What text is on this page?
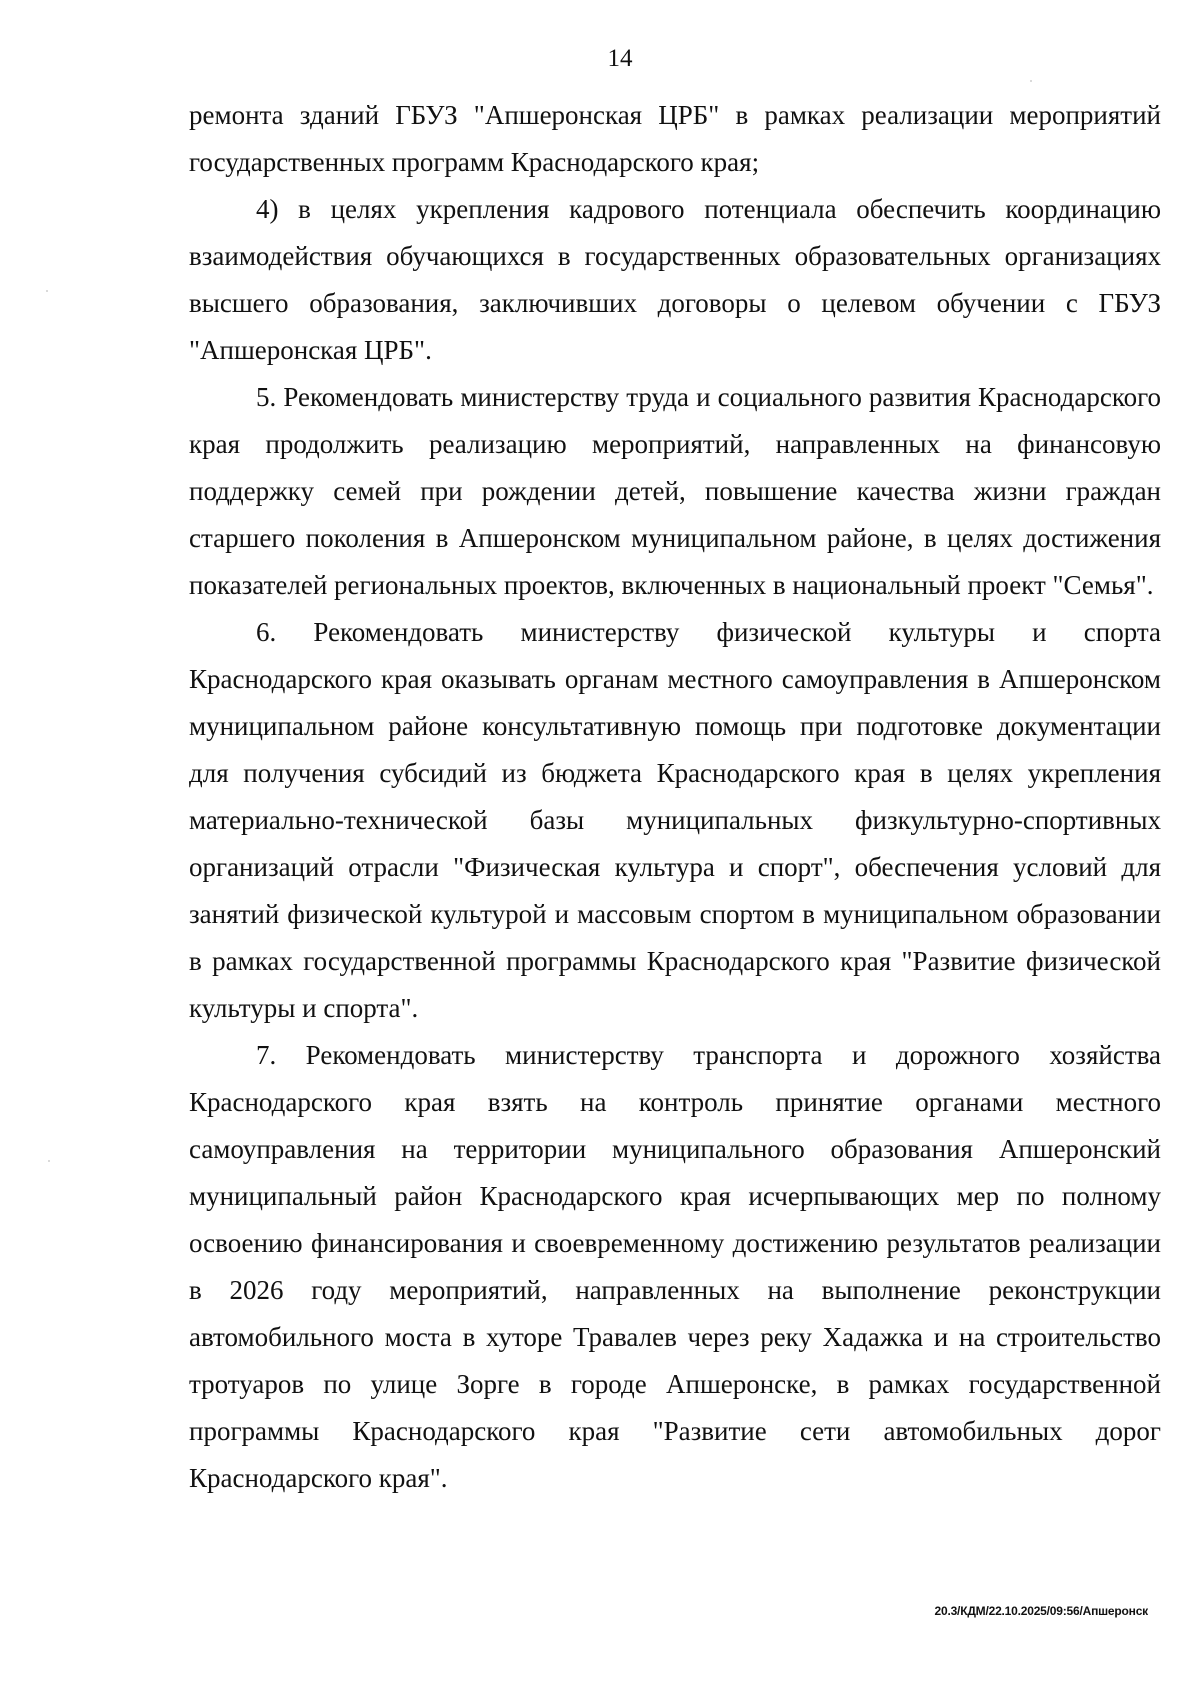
14

ремонта зданий ГБУЗ "Апшеронская ЦРБ" в рамках реализации мероприятий государственных программ Краснодарского края;

4) в целях укрепления кадрового потенциала обеспечить координацию взаимодействия обучающихся в государственных образовательных организациях высшего образования, заключивших договоры о целевом обучении с ГБУЗ "Апшеронская ЦРБ".

5. Рекомендовать министерству труда и социального развития Краснодарского края продолжить реализацию мероприятий, направленных на финансовую поддержку семей при рождении детей, повышение качества жизни граждан старшего поколения в Апшеронском муниципальном районе, в целях достижения показателей региональных проектов, включенных в национальный проект "Семья".

6. Рекомендовать министерству физической культуры и спорта Краснодарского края оказывать органам местного самоуправления в Апшеронском муниципальном районе консультативную помощь при подготовке документации для получения субсидий из бюджета Краснодарского края в целях укрепления материально-технической базы муниципальных физкультурно-спортивных организаций отрасли "Физическая культура и спорт", обеспечения условий для занятий физической культурой и массовым спортом в муниципальном образовании в рамках государственной программы Краснодарского края "Развитие физической культуры и спорта".

7. Рекомендовать министерству транспорта и дорожного хозяйства Краснодарского края взять на контроль принятие органами местного самоуправления на территории муниципального образования Апшеронский муниципальный район Краснодарского края исчерпывающих мер по полному освоению финансирования и своевременному достижению результатов реализации в 2026 году мероприятий, направленных на выполнение реконструкции автомобильного моста в хуторе Травалев через реку Хадажка и на строительство тротуаров по улице Зорге в городе Апшеронске, в рамках государственной программы Краснодарского края "Развитие сети автомобильных дорог Краснодарского края".

20.3/КДМ/22.10.2025/09:56/Апшеронск
